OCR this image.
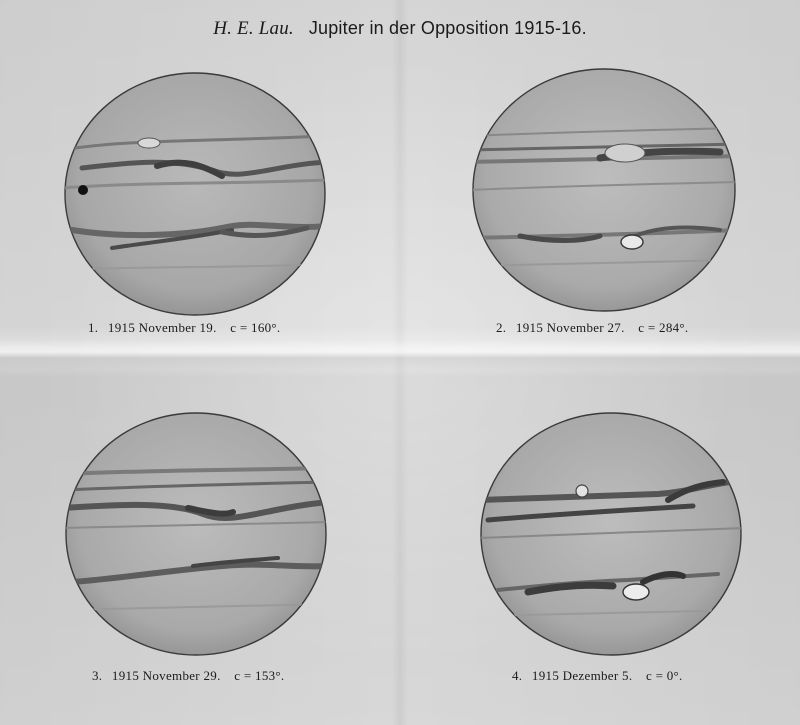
H. E. Lau. Jupiter in der Opposition 1915-16.
1. 1915 November 19. c = 160°.	2. 1915 November 27. c = 284°.
3. 1915 November 29. c = 153°.	4. 1915 Dezember 5. c = 0°.
